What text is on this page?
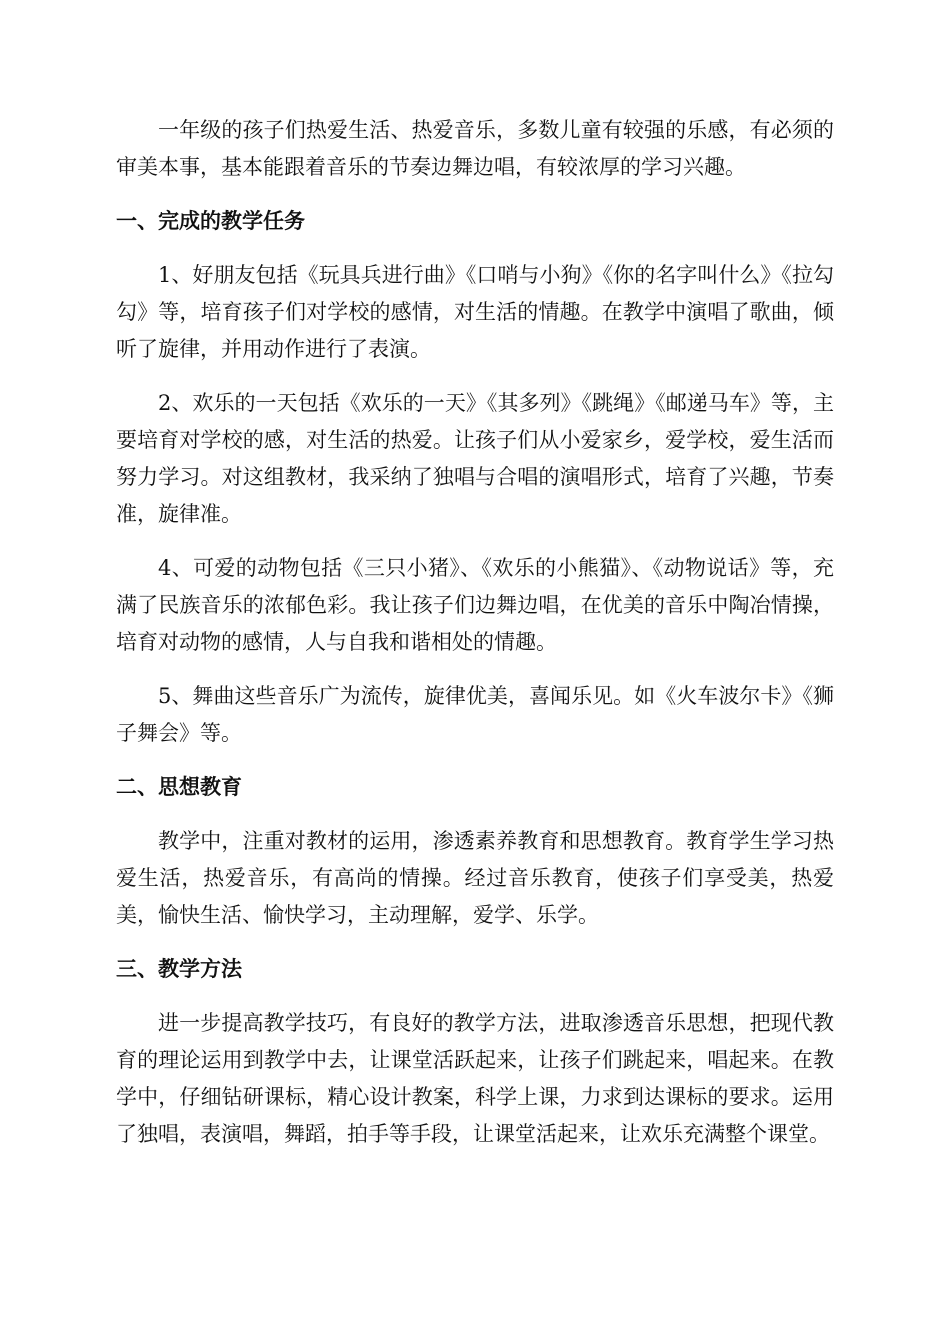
一年级的孩子们热爱生活、热爱音乐，多数儿童有较强的乐感，有必须的审美本事，基本能跟着音乐的节奏边舞边唱，有较浓厚的学习兴趣。

一、完成的教学任务

1、好朋友包括《玩具兵进行曲》《口哨与小狗》《你的名字叫什么》《拉勾勾》等，培育孩子们对学校的感情，对生活的情趣。在教学中演唱了歌曲，倾听了旋律，并用动作进行了表演。

2、欢乐的一天包括《欢乐的一天》《其多列》《跳绳》《邮递马车》等，主要培育对学校的感，对生活的热爱。让孩子们从小爱家乡，爱学校，爱生活而努力学习。对这组教材，我采纳了独唱与合唱的演唱形式，培育了兴趣，节奏准，旋律准。

4、可爱的动物包括《三只小猪》、《欢乐的小熊猫》、《动物说话》等，充满了民族音乐的浓郁色彩。我让孩子们边舞边唱，在优美的音乐中陶冶情操，培育对动物的感情，人与自我和谐相处的情趣。

5、舞曲这些音乐广为流传，旋律优美，喜闻乐见。如《火车波尔卡》《狮子舞会》等。

二、思想教育

教学中，注重对教材的运用，渗透素养教育和思想教育。教育学生学习热爱生活，热爱音乐，有高尚的情操。经过音乐教育，使孩子们享受美，热爱美，愉快生活、愉快学习，主动理解，爱学、乐学。

三、教学方法

进一步提高教学技巧，有良好的教学方法，进取渗透音乐思想，把现代教育的理论运用到教学中去，让课堂活跃起来，让孩子们跳起来，唱起来。在教学中，仔细钻研课标，精心设计教案，科学上课，力求到达课标的要求。运用了独唱，表演唱，舞蹈，拍手等手段，让课堂活起来，让欢乐充满整个课堂。
